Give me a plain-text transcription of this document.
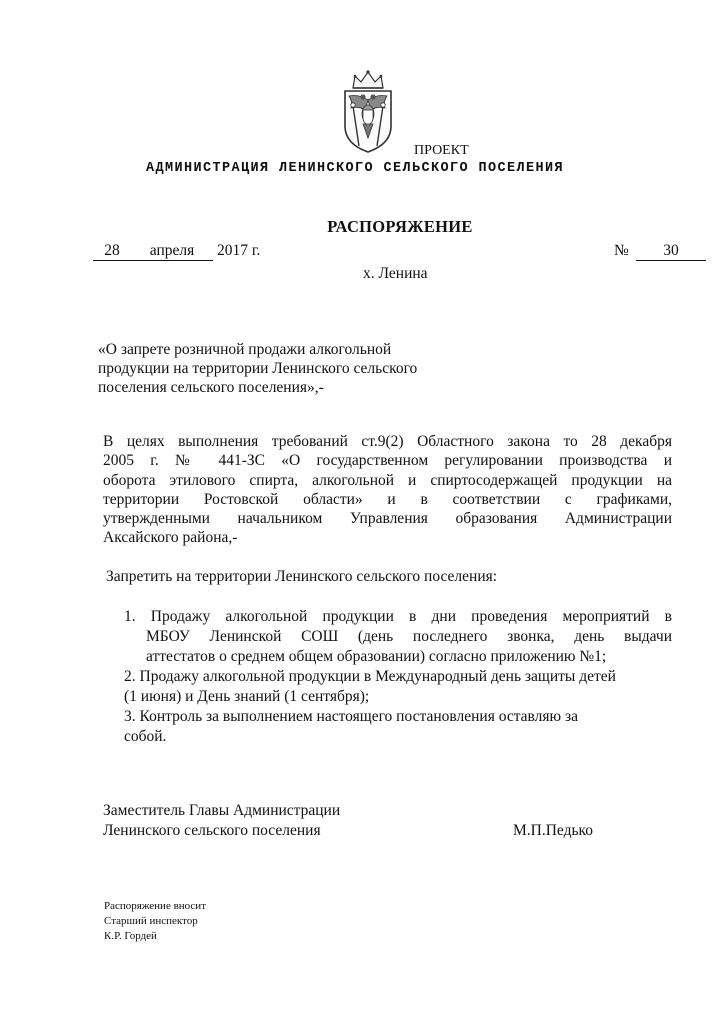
ПРОЕКТ
АДМИНИСТРАЦИЯ ЛЕНИНСКОГО СЕЛЬСКОГО ПОСЕЛЕНИЯ
РАСПОРЯЖЕНИЕ
28	апреля	2017 г.	№	30
х. Ленина
«О запрете розничной продажи алкогольной
продукции на территории Ленинского сельского
поселения сельского поселения»,-
В целях выполнения требований ст.9(2) Областного закона то 28 декабря
2005 г. № 441-ЗС «О государственном регулировании производства и
оборота этилового спирта, алкогольной и спиртосодержащей продукции на
территории Ростовской области» и в соответствии с графиками,
утвержденными начальником Управления образования Администрации
Аксайского района,-
Запретить на территории Ленинского сельского поселения:
1. Продажу алкогольной продукции в дни проведения мероприятий в
МБОУ Ленинской СОШ (день последнего звонка, день выдачи
аттестатов о среднем общем образовании) согласно приложению №1;
2. Продажу алкогольной продукции в Международный день защиты детей
(1 июня) и День знаний (1 сентября);
3. Контроль за выполнением настоящего постановления оставляю за
собой.
Заместитель Главы Администрации
Ленинского сельского поселения	М.П.Педько
Распоряжение вносит
Старший инспектор
К.Р. Гордей
